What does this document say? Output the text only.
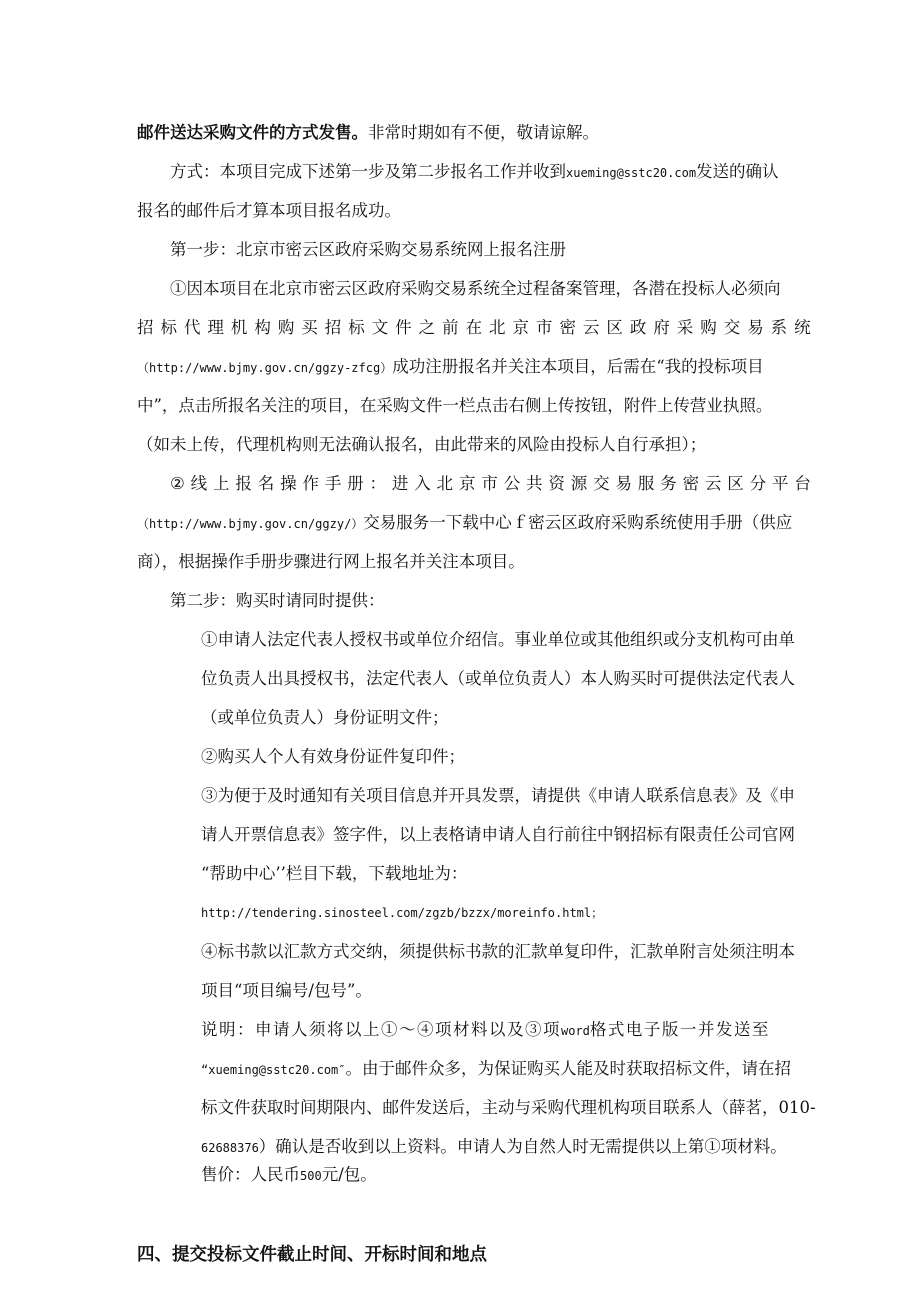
邮件送达采购文件的方式发售。非常时期如有不便，敬请谅解。
方式：本项目完成下述第一步及第二步报名工作并收到xueming@sstc20.com发送的确认
报名的邮件后才算本项目报名成功。
第一步：北京市密云区政府采购交易系统网上报名注册
①因本项目在北京市密云区政府采购交易系统全过程备案管理，各潜在投标人必须向
招 标 代 理 机 构 购 买 招 标 文 件 之 前 在 北 京 市 密 云 区 政 府 采 购 交 易 系 统
（http://www.bjmy.gov.cn/ggzy-zfcg）成功注册报名并关注本项目，后需在“我的投标项目
中”，点击所报名关注的项目，在采购文件一栏点击右侧上传按钮，附件上传营业执照。
（如未上传，代理机构则无法确认报名，由此带来的风险由投标人自行承担）；
② 线 上 报 名 操 作 手 册 ： 进 入 北 京 市 公 共 资 源 交 易 服 务 密 云 区 分 平 台
（http://www.bjmy.gov.cn/ggzy/）交易服务一下载中心ｆ密云区政府采购系统使用手册（供应
商），根据操作手册步骤进行网上报名并关注本项目。
第二步：购买时请同时提供：
①申请人法定代表人授权书或单位介绍信。事业单位或其他组织或分支机构可由单
位负责人出具授权书，法定代表人（或单位负责人）本人购买时可提供法定代表人
（或单位负责人）身份证明文件；
②购买人个人有效身份证件复印件；
③为便于及时通知有关项目信息并开具发票，请提供《申请人联系信息表》及《申
请人开票信息表》签字件，以上表格请申请人自行前往中钢招标有限责任公司官网
“帮助中心’’栏目下载，下载地址为：
http://tendering.sinosteel.com/zgzb/bzzx/moreinfo.html；
④标书款以汇款方式交纳，须提供标书款的汇款单复印件，汇款单附言处须注明本
项目“项目编号/包号”。
说明：申请人须将以上①～④项材料以及③项word格式电子版一并发送至
“xueming@sstc20.com″。由于邮件众多，为保证购买人能及时获取招标文件，请在招
标文件获取时间期限内、邮件发送后，主动与采购代理机构项目联系人（薛茗，010-
62688376）确认是否收到以上资料。申请人为自然人时无需提供以上第①项材料。
售价：人民币500元/包。
四、提交投标文件截止时间、开标时间和地点
